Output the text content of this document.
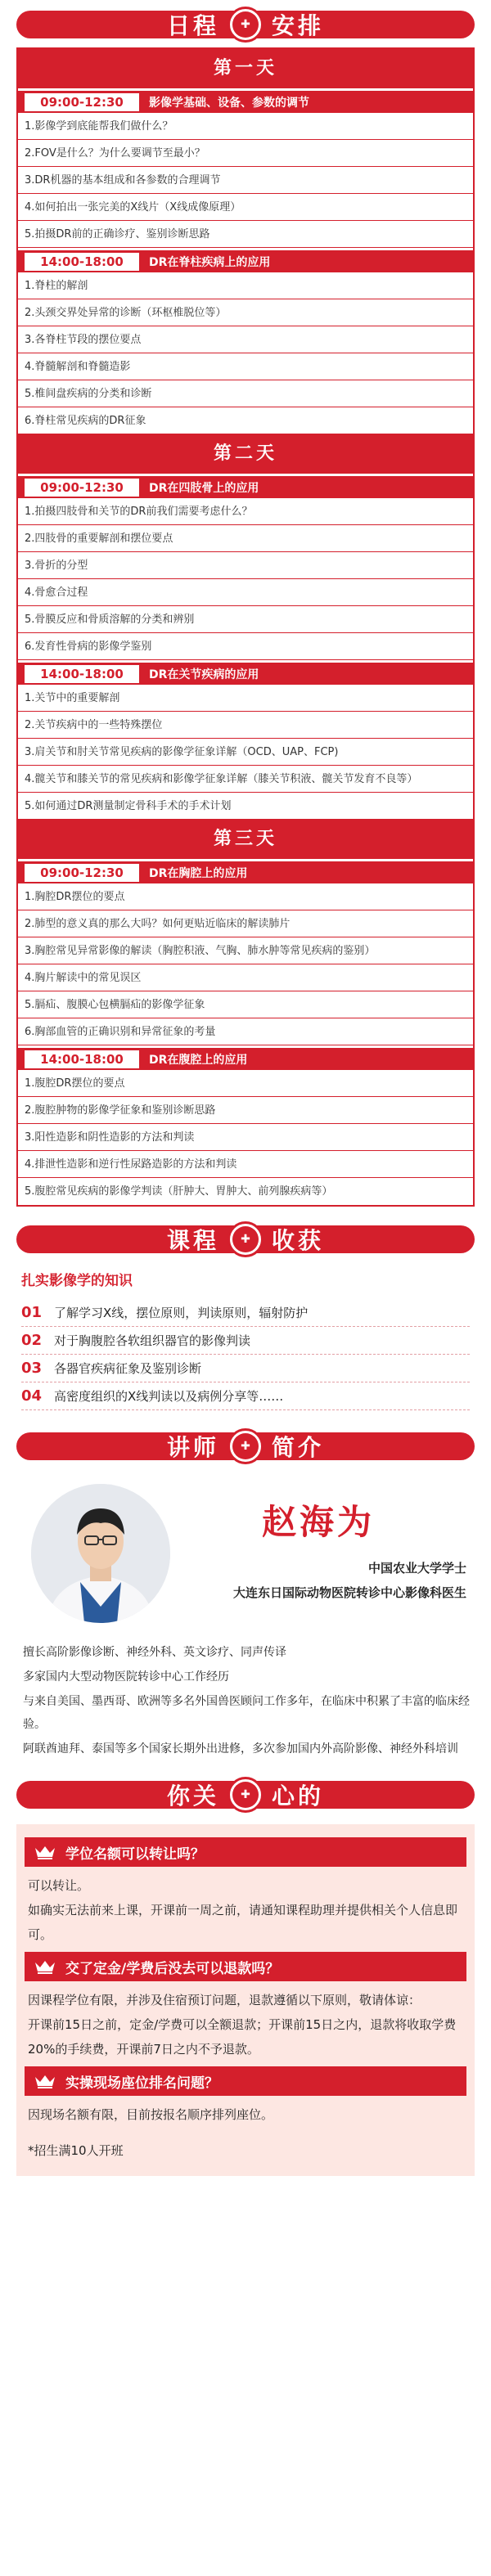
日程	✚ 安排
第一天
09:00-12:30	影像学基础、设备、参数的调节
1.影像学到底能帮我们做什么？
2.FOV是什么？为什么要调节至最小？
3.DR机器的基本组成和各参数的合理调节
4.如何拍出一张完美的X线片（X线成像原理）
5.拍摄DR前的正确诊疗、鉴别诊断思路
14:00-18:00	DR在脊柱疾病上的应用
1.脊柱的解剖
2.头颈交界处异常的诊断（环枢椎脱位等）
3.各脊柱节段的摆位要点
4.脊髓解剖和脊髓造影
5.椎间盘疾病的分类和诊断
6.脊柱常见疾病的DR征象
第二天
09:00-12:30	DR在四肢骨上的应用
1.拍摄四肢骨和关节的DR前我们需要考虑什么？
2.四肢骨的重要解剖和摆位要点
3.骨折的分型
4.骨愈合过程
5.骨膜反应和骨质溶解的分类和辨别
6.发育性骨病的影像学鉴别
14:00-18:00	DR在关节疾病的应用
1.关节中的重要解剖
2.关节疾病中的一些特殊摆位
3.肩关节和肘关节常见疾病的影像学征象详解（OCD、UAP、FCP)
4.髋关节和膝关节的常见疾病和影像学征象详解（膝关节积液、髋关节发育不良等）
5.如何通过DR测量制定骨科手术的手术计划
第三天
09:00-12:30	DR在胸腔上的应用
1.胸腔DR摆位的要点
2.肺型的意义真的那么大吗？如何更贴近临床的解读肺片
3.胸腔常见异常影像的解读（胸腔积液、气胸、肺水肿等常见疾病的鉴别）
4.胸片解读中的常见误区
5.膈疝、腹膜心包横膈疝的影像学征象
6.胸部血管的正确识别和异常征象的考量
14:00-18:00	DR在腹腔上的应用
1.腹腔DR摆位的要点
2.腹腔肿物的影像学征象和鉴别诊断思路
3.阳性造影和阴性造影的方法和判读
4.排泄性造影和逆行性尿路造影的方法和判读
5.腹腔常见疾病的影像学判读（肝肿大、胃肿大、前列腺疾病等）
课程	✚ 收获
扎实影像学的知识
01 了解学习X线，摆位原则，判读原则，辐射防护
02 对于胸腹腔各软组织器官的影像判读
03 各器官疾病征象及鉴别诊断
04 高密度组织的X线判读以及病例分享等……
讲师	✚ 简介
赵海为
中国农业大学学士
大连东日国际动物医院转诊中心影像科医生

擅长高阶影像诊断、神经外科、英文诊疗、同声传译

多家国内大型动物医院转诊中心工作经历

与来自美国、墨西哥、欧洲等多名外国兽医顾问工作多年，在临床中积累了丰富的临床经验。

阿联酋迪拜、泰国等多个国家长期外出进修，多次参加国内外高阶影像、神经外科培训

你关	✚ 心的
学位名额可以转让吗？
可以转让。
如确实无法前来上课，开课前一周之前，请通知课程助理并提供相关个人信息即可。
交了定金/学费后没去可以退款吗？
因课程学位有限，并涉及住宿预订问题，退款遵循以下原则，敬请体谅：
开课前15日之前，定金/学费可以全额退款；开课前15日之内，退款将收取学费20%的手续费，开课前7日之内不予退款。
实操现场座位排名问题？
因现场名额有限，目前按报名顺序排列座位。
*招生满10人开班
